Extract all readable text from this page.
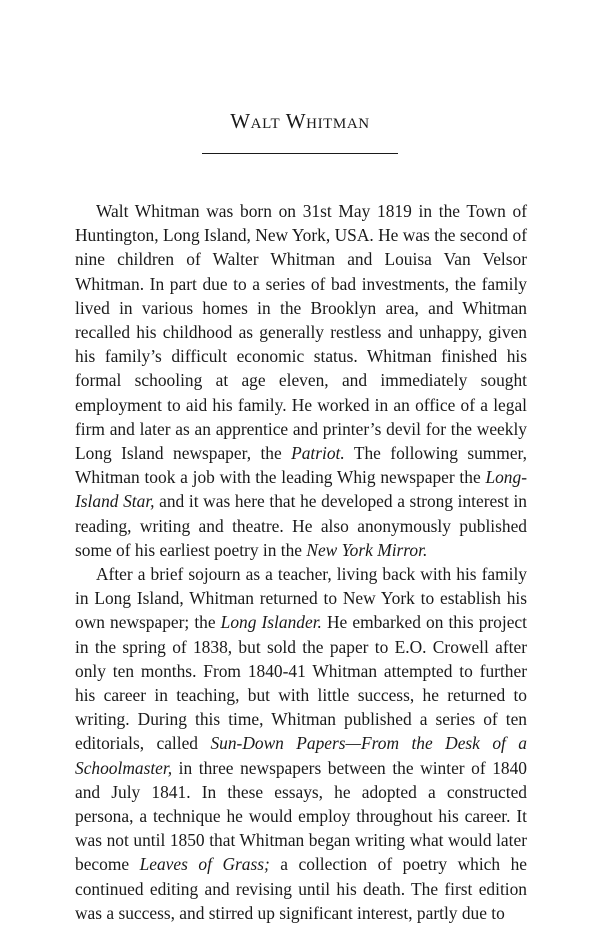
Walt Whitman

Walt Whitman was born on 31st May 1819 in the Town of Huntington, Long Island, New York, USA. He was the second of nine children of Walter Whitman and Louisa Van Velsor Whitman. In part due to a series of bad investments, the family lived in various homes in the Brooklyn area, and Whitman recalled his childhood as generally restless and unhappy, given his family’s difficult economic status. Whitman finished his formal schooling at age eleven, and immediately sought employment to aid his family. He worked in an office of a legal firm and later as an apprentice and printer’s devil for the weekly Long Island newspaper, the Patriot. The following summer, Whitman took a job with the leading Whig newspaper the Long-Island Star, and it was here that he developed a strong interest in reading, writing and theatre. He also anonymously published some of his earliest poetry in the New York Mirror.

After a brief sojourn as a teacher, living back with his family in Long Island, Whitman returned to New York to establish his own newspaper; the Long Islander. He embarked on this project in the spring of 1838, but sold the paper to E.O. Crowell after only ten months. From 1840-41 Whitman attempted to further his career in teaching, but with little success, he returned to writing. During this time, Whitman published a series of ten editorials, called Sun-Down Papers—From the Desk of a Schoolmaster, in three newspapers between the winter of 1840 and July 1841. In these essays, he adopted a constructed persona, a technique he would employ throughout his career. It was not until 1850 that Whitman began writing what would later become Leaves of Grass; a collection of poetry which he continued editing and revising until his death. The first edition was a success, and stirred up significant interest, partly due to
